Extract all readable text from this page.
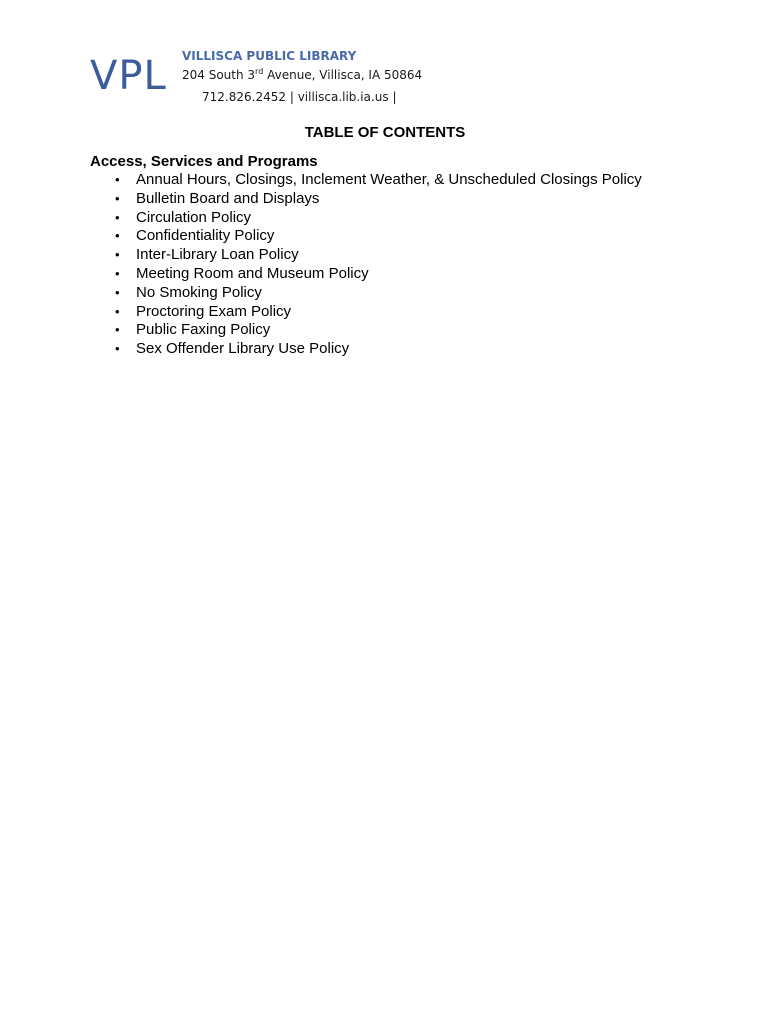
VPL VILLISCA PUBLIC LIBRARY
204 South 3rd Avenue, Villisca, IA 50864
712.826.2452 | villisca.lib.ia.us |
TABLE OF CONTENTS
Access, Services and Programs
• Annual Hours, Closings, Inclement Weather, & Unscheduled Closings Policy
• Bulletin Board and Displays
• Circulation Policy
• Confidentiality Policy
• Inter-Library Loan Policy
• Meeting Room and Museum Policy
• No Smoking Policy
• Proctoring Exam Policy
• Public Faxing Policy
• Sex Offender Library Use Policy
